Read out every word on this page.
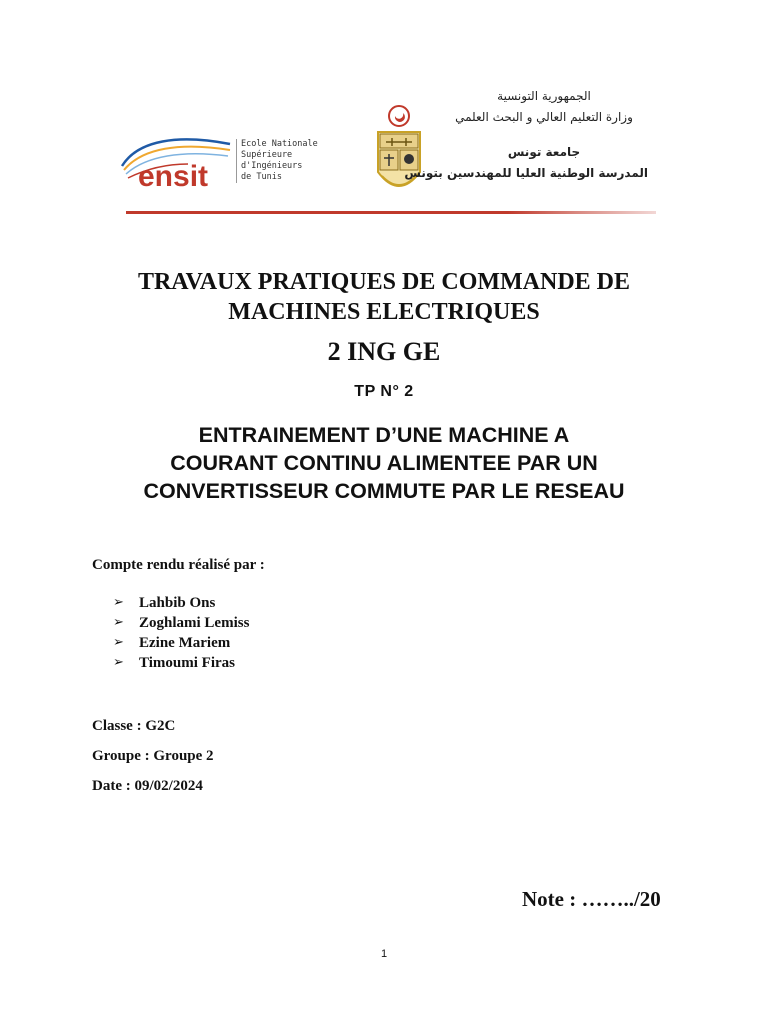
ensit
Ecole Nationale
Supérieure
d'Ingénieurs
de Tunis
الجمهورية التونسية
وزارة التعليم العالي و البحث العلمي
جامعة تونس
المدرسة الوطنية العليا للمهندسين بتونس
TRAVAUX PRATIQUES DE COMMANDE DE
MACHINES ELECTRIQUES
2 ING GE
TP N° 2
ENTRAINEMENT D’UNE MACHINE A
COURANT CONTINU ALIMENTEE PAR UN
CONVERTISSEUR COMMUTE PAR LE RESEAU
Compte rendu réalisé par :
➢	Lahbib Ons
➢	Zoghlami Lemiss
➢	Ezine Mariem
➢	Timoumi Firas
Classe : G2C
Groupe : Groupe 2
Date : 09/02/2024
Note : ……../20
1
